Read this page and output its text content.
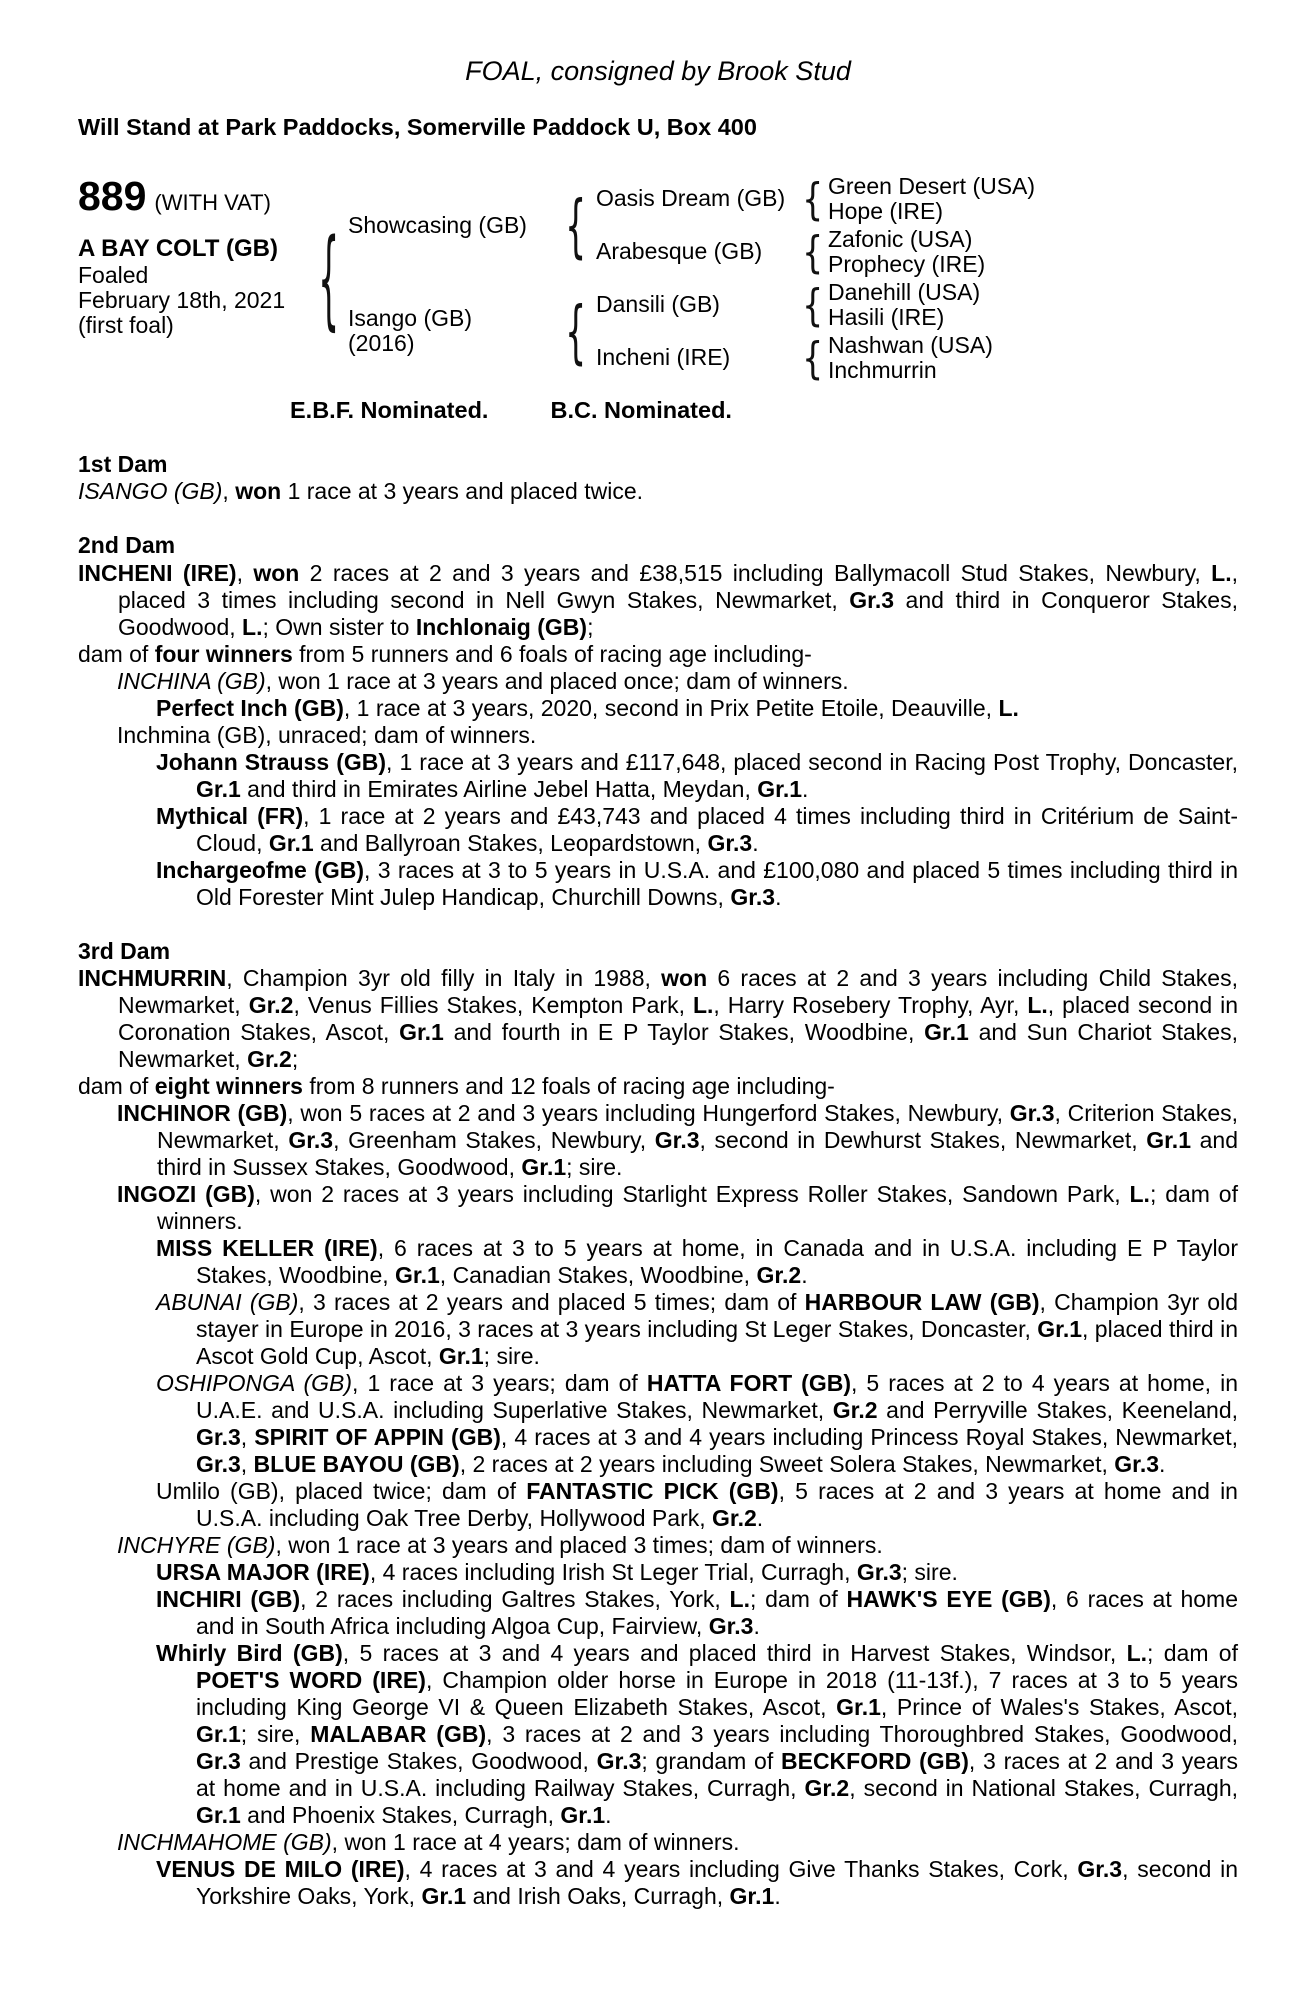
FOAL, consigned by Brook Stud
Will Stand at Park Paddocks, Somerville Paddock U, Box 400
889 (WITH VAT)
A BAY COLT (GB)
Foaled
February 18th, 2021
(first foal)
{
Showcasing (GB)
Isango (GB)
(2016)
{
{
Oasis Dream (GB)
Arabesque (GB)
Dansili (GB)
Incheni (IRE)
{
{
{
{
Green Desert (USA)
Hope (IRE)
Zafonic (USA)
Prophecy (IRE)
Danehill (USA)
Hasili (IRE)
Nashwan (USA)
Inchmurrin
E.B.F. Nominated.	B.C. Nominated.
1st Dam

ISANGO (GB), won 1 race at 3 years and placed twice.

2nd Dam

INCHENI (IRE), won 2 races at 2 and 3 years and £38,515 including Ballymacoll Stud Stakes, Newbury, L., placed 3 times including second in Nell Gwyn Stakes, Newmarket, Gr.3 and third in Conqueror Stakes, Goodwood, L.; Own sister to Inchlonaig (GB);

dam of four winners from 5 runners and 6 foals of racing age including-

INCHINA (GB), won 1 race at 3 years and placed once; dam of winners.

Perfect Inch (GB), 1 race at 3 years, 2020, second in Prix Petite Etoile, Deauville, L.

Inchmina (GB), unraced; dam of winners.

Johann Strauss (GB), 1 race at 3 years and £117,648, placed second in Racing Post Trophy, Doncaster, Gr.1 and third in Emirates Airline Jebel Hatta, Meydan, Gr.1.

Mythical (FR), 1 race at 2 years and £43,743 and placed 4 times including third in Critérium de Saint-Cloud, Gr.1 and Ballyroan Stakes, Leopardstown, Gr.3.

Inchargeofme (GB), 3 races at 3 to 5 years in U.S.A. and £100,080 and placed 5 times including third in Old Forester Mint Julep Handicap, Churchill Downs, Gr.3.

3rd Dam

INCHMURRIN, Champion 3yr old filly in Italy in 1988, won 6 races at 2 and 3 years including Child Stakes, Newmarket, Gr.2, Venus Fillies Stakes, Kempton Park, L., Harry Rosebery Trophy, Ayr, L., placed second in Coronation Stakes, Ascot, Gr.1 and fourth in E P Taylor Stakes, Woodbine, Gr.1 and Sun Chariot Stakes, Newmarket, Gr.2;

dam of eight winners from 8 runners and 12 foals of racing age including-

INCHINOR (GB), won 5 races at 2 and 3 years including Hungerford Stakes, Newbury, Gr.3, Criterion Stakes, Newmarket, Gr.3, Greenham Stakes, Newbury, Gr.3, second in Dewhurst Stakes, Newmarket, Gr.1 and third in Sussex Stakes, Goodwood, Gr.1; sire.

INGOZI (GB), won 2 races at 3 years including Starlight Express Roller Stakes, Sandown Park, L.; dam of winners.

MISS KELLER (IRE), 6 races at 3 to 5 years at home, in Canada and in U.S.A. including E P Taylor Stakes, Woodbine, Gr.1, Canadian Stakes, Woodbine, Gr.2.

ABUNAI (GB), 3 races at 2 years and placed 5 times; dam of HARBOUR LAW (GB), Champion 3yr old stayer in Europe in 2016, 3 races at 3 years including St Leger Stakes, Doncaster, Gr.1, placed third in Ascot Gold Cup, Ascot, Gr.1; sire.

OSHIPONGA (GB), 1 race at 3 years; dam of HATTA FORT (GB), 5 races at 2 to 4 years at home, in U.A.E. and U.S.A. including Superlative Stakes, Newmarket, Gr.2 and Perryville Stakes, Keeneland, Gr.3, SPIRIT OF APPIN (GB), 4 races at 3 and 4 years including Princess Royal Stakes, Newmarket, Gr.3, BLUE BAYOU (GB), 2 races at 2 years including Sweet Solera Stakes, Newmarket, Gr.3.

Umlilo (GB), placed twice; dam of FANTASTIC PICK (GB), 5 races at 2 and 3 years at home and in U.S.A. including Oak Tree Derby, Hollywood Park, Gr.2.

INCHYRE (GB), won 1 race at 3 years and placed 3 times; dam of winners.

URSA MAJOR (IRE), 4 races including Irish St Leger Trial, Curragh, Gr.3; sire.

INCHIRI (GB), 2 races including Galtres Stakes, York, L.; dam of HAWK'S EYE (GB), 6 races at home and in South Africa including Algoa Cup, Fairview, Gr.3.

Whirly Bird (GB), 5 races at 3 and 4 years and placed third in Harvest Stakes, Windsor, L.; dam of POET'S WORD (IRE), Champion older horse in Europe in 2018 (11-13f.), 7 races at 3 to 5 years including King George VI & Queen Elizabeth Stakes, Ascot, Gr.1, Prince of Wales's Stakes, Ascot, Gr.1; sire, MALABAR (GB), 3 races at 2 and 3 years including Thoroughbred Stakes, Goodwood, Gr.3 and Prestige Stakes, Goodwood, Gr.3; grandam of BECKFORD (GB), 3 races at 2 and 3 years at home and in U.S.A. including Railway Stakes, Curragh, Gr.2, second in National Stakes, Curragh, Gr.1 and Phoenix Stakes, Curragh, Gr.1.

INCHMAHOME (GB), won 1 race at 4 years; dam of winners.

VENUS DE MILO (IRE), 4 races at 3 and 4 years including Give Thanks Stakes, Cork, Gr.3, second in Yorkshire Oaks, York, Gr.1 and Irish Oaks, Curragh, Gr.1.
